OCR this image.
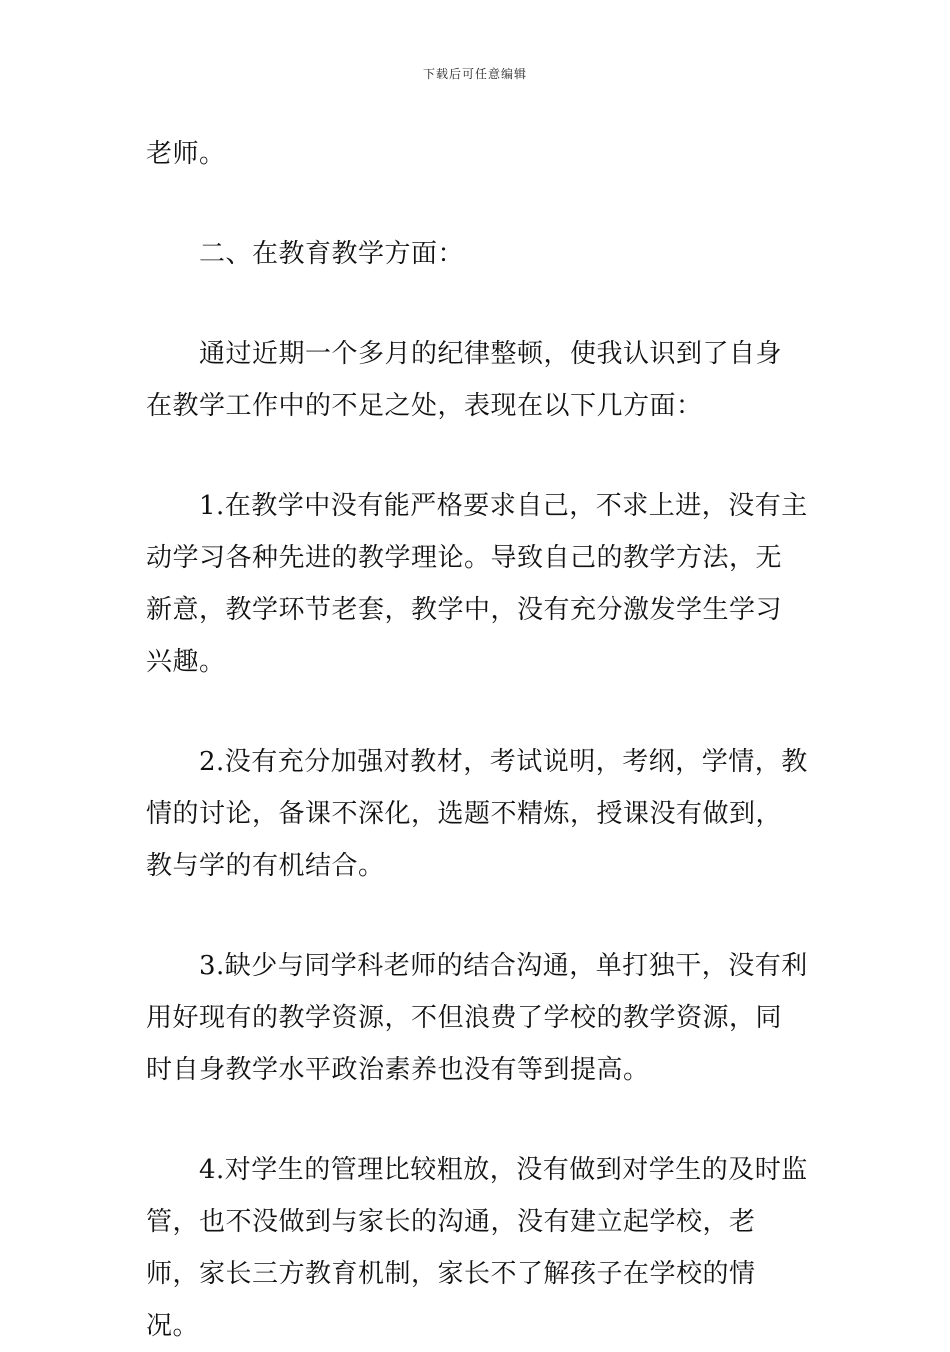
下载后可任意编辑

老师。

二、在教育教学方面：

通过近期一个多月的纪律整顿，使我认识到了自身在教学工作中的不足之处，表现在以下几方面：

1.在教学中没有能严格要求自己，不求上进，没有主动学习各种先进的教学理论。导致自己的教学方法，无新意，教学环节老套，教学中，没有充分激发学生学习兴趣。

2.没有充分加强对教材，考试说明，考纲，学情，教情的讨论，备课不深化，选题不精炼，授课没有做到，教与学的有机结合。

3.缺少与同学科老师的结合沟通，单打独干，没有利用好现有的教学资源，不但浪费了学校的教学资源，同时自身教学水平政治素养也没有等到提高。

4.对学生的管理比较粗放，没有做到对学生的及时监管，也不没做到与家长的沟通，没有建立起学校，老师，家长三方教育机制，家长不了解孩子在学校的情况。
